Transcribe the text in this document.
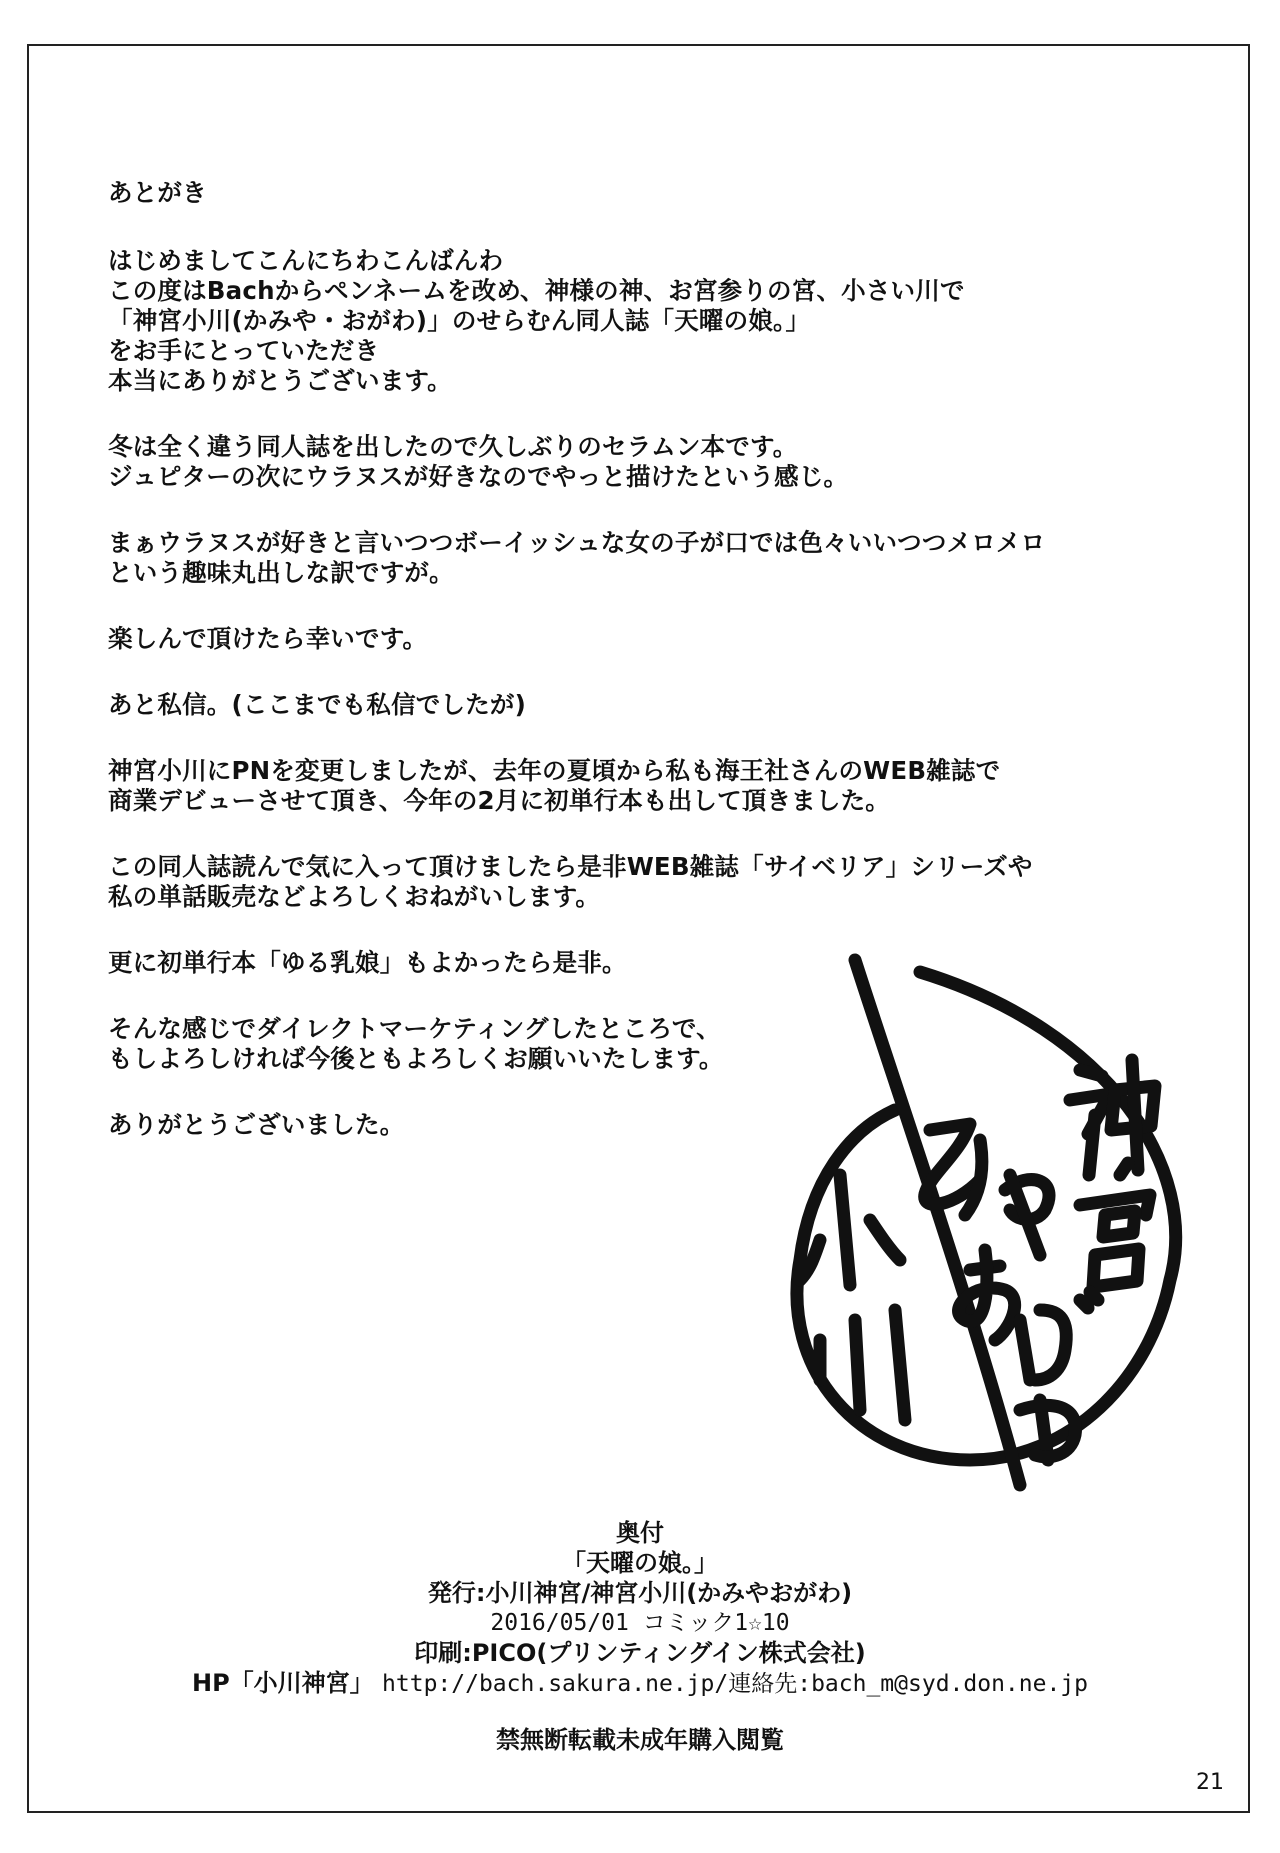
あとがき
はじめましてこんにちわこんばんわ
この度はBachからペンネームを改め、神様の神、お宮参りの宮、小さい川で
「神宮小川(かみや・おがわ)」のせらむん同人誌「天曜の娘。」
をお手にとっていただき
本当にありがとうございます。
冬は全く違う同人誌を出したので久しぶりのセラムン本です。
ジュピターの次にウラヌスが好きなのでやっと描けたという感じ。
まぁウラヌスが好きと言いつつボーイッシュな女の子が口では色々いいつつメロメロ
という趣味丸出しな訳ですが。
楽しんで頂けたら幸いです。
あと私信。(ここまでも私信でしたが)
神宮小川にPNを変更しましたが、去年の夏頃から私も海王社さんのWEB雑誌で
商業デビューさせて頂き、今年の2月に初単行本も出して頂きました。
この同人誌読んで気に入って頂けましたら是非WEB雑誌「サイベリア」シリーズや
私の単話販売などよろしくおねがいします。
更に初単行本「ゆる乳娘」もよかったら是非。
そんな感じでダイレクトマーケティングしたところで、
もしよろしければ今後ともよろしくお願いいたします。
ありがとうございました。
奥付
「天曜の娘。」
発行:小川神宮/神宮小川(かみやおがわ)
2016/05/01 コミック1☆10
印刷:PICO(プリンティングイン株式会社)
HP「小川神宮」 http://bach.sakura.ne.jp/連絡先:bach_m@syd.don.ne.jp
禁無断転載未成年購入閲覧
21
